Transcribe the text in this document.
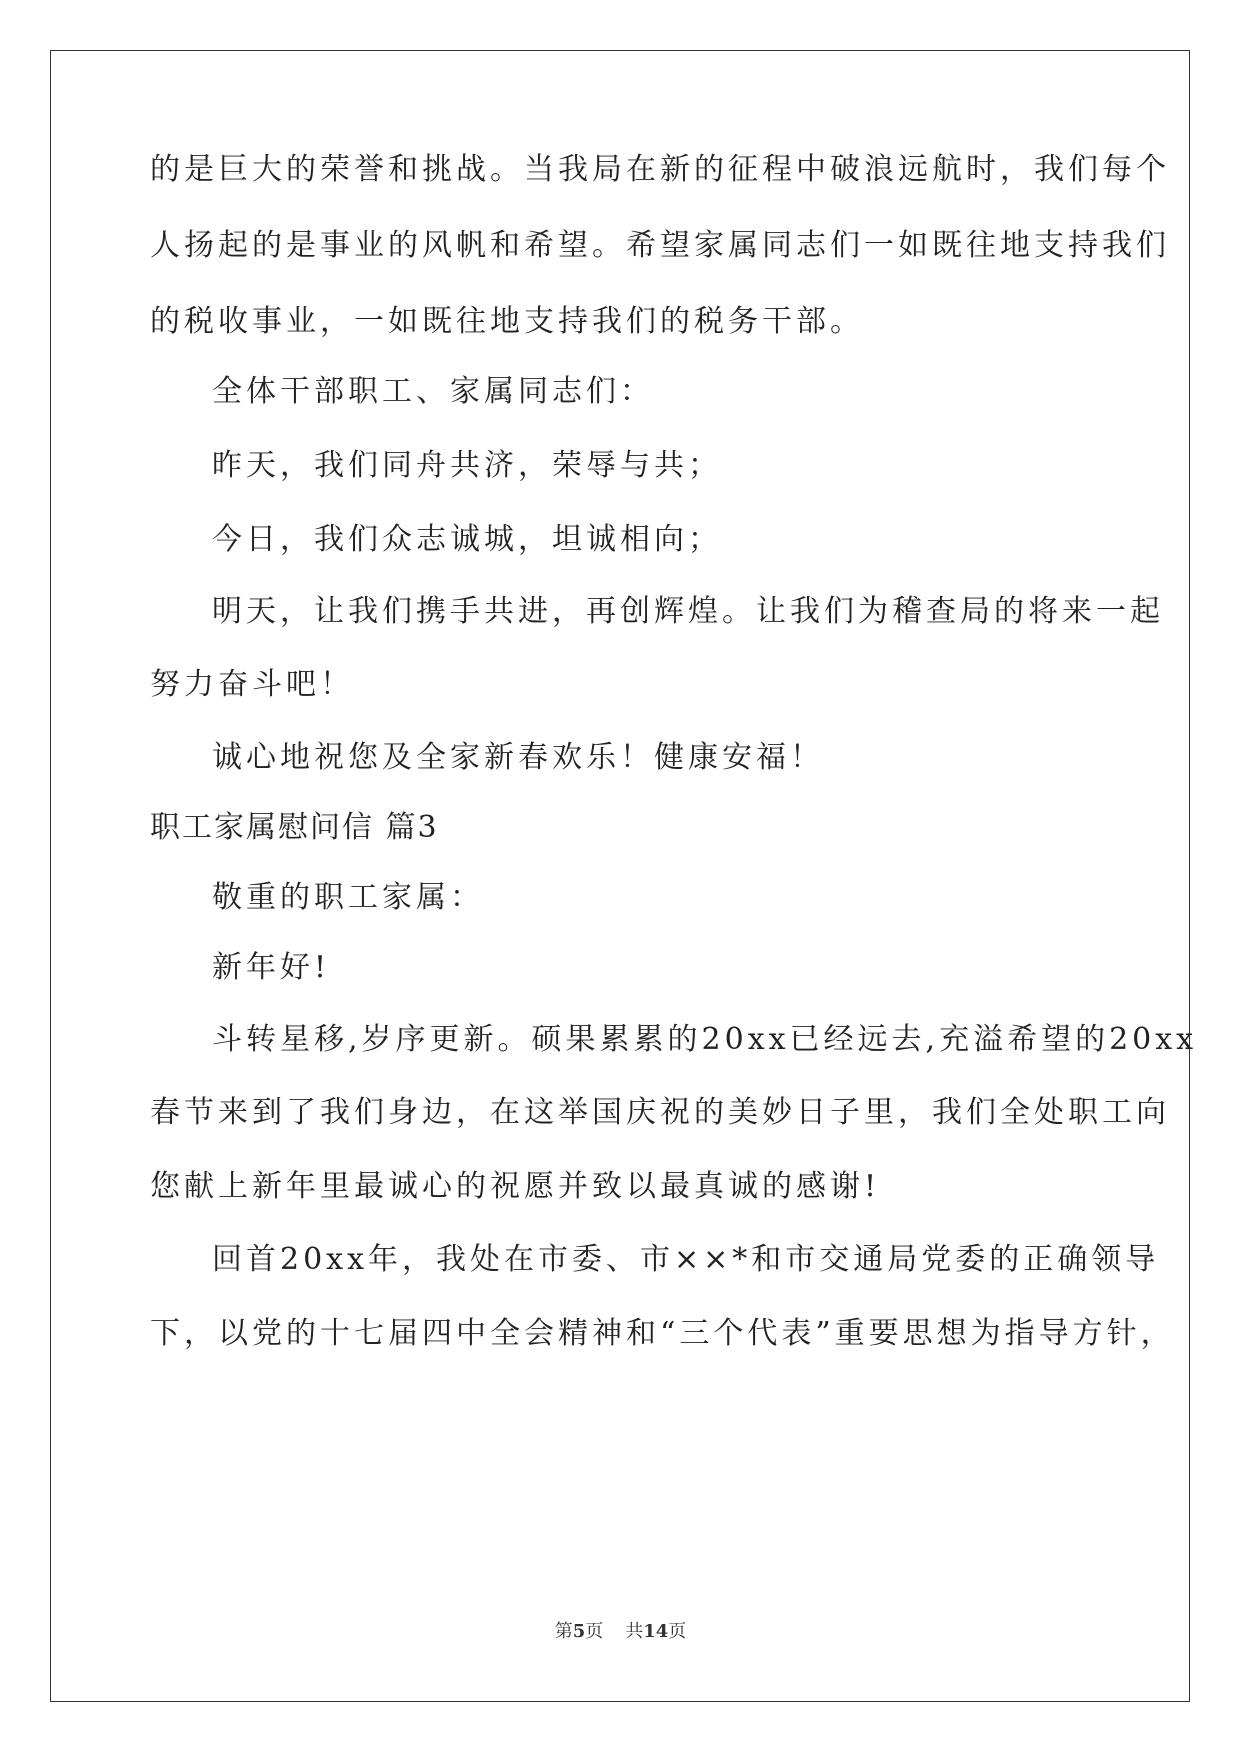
的是巨大的荣誉和挑战。当我局在新的征程中破浪远航时，我们每个
人扬起的是事业的风帆和希望。希望家属同志们一如既往地支持我们
的税收事业，一如既往地支持我们的税务干部。
全体干部职工、家属同志们：
昨天，我们同舟共济，荣辱与共；
今日，我们众志诚城，坦诚相向；
明天，让我们携手共进，再创辉煌。让我们为稽查局的将来一起
努力奋斗吧！
诚心地祝您及全家新春欢乐！健康安福！
职工家属慰问信 篇3
敬重的职工家属：
新年好!
斗转星移,岁序更新。硕果累累的20xx已经远去,充溢希望的20xx
春节来到了我们身边，在这举国庆祝的美妙日子里，我们全处职工向
您献上新年里最诚心的祝愿并致以最真诚的感谢!
回首20xx年，我处在市委、市××*和市交通局党委的正确领导
下，以党的十七届四中全会精神和“三个代表”重要思想为指导方针，
第5页 共14页
